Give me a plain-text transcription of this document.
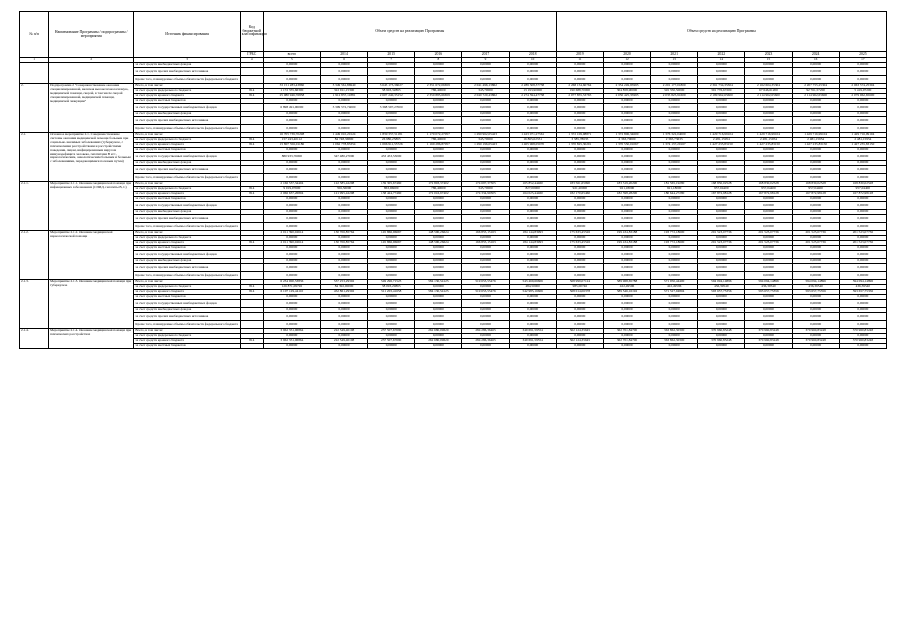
№ п/п	Наименование Программы / подпрограммы / мероприятия	Источник финансирования	Код бюджетной классификации	Объем средств на реализацию Программы						Объем средств на реализацию Программы						
			ГРБС	всего	2014	2015	2016	2017	2018	2019	2020	2021	2022	2023	2024	2025
1	2	3	4	5	6	7	8	9	10	11	12	13	14	15	16	17
		за счет средств внебюджетных фондов		0,00000	0,00000	0,00000	0,00000	0,00000	0,00000	0,00000	0,00000	0,00000	0,00000	0,00000	0,00000	0,00000
		за счет средств прочих внебюджетных источников		0,00000	0,00000	0,00000	0,00000	0,00000	0,00000	0,00000	0,00000	0,00000	0,00000	0,00000	0,00000	0,00000
		Кроме того, планируемые объемы обязательств федерального бюджета		0,00000	0,00000	0,00000	0,00000	0,00000	0,00000	0,00000	0,00000	0,00000	0,00000	0,00000	0,00000	0,00000
2.	Подпрограмма 2 "Совершенствование оказания специализированной, включая высокотехнологичную, медицинской помощи, скорой, в том числе скорой специализированной, медицинской помощи, медицинской эвакуации"	Всего, в том числе:		33 151 283,43860	3 349 561,86940	3 645 173,36027	2 351 672,06659	2 041 496,13862	2 289 308,37738	2 268 154,60764	2 354 249,95993	2 201 177,01800	2 361 734,35304	2 162 604,35304	2 207 755,25304	2 063 574,25304
		за счет средств федерального бюджета	814	1 172 355,66300	322 911,15300	38 903,32865	786,40000	345,70000	13 193,90000	190 688,70000	304 858,90000	345 350,50000	391 776,67200	67 646,61200	92 761,57200	5 419,07200
		за счет средств краевого бюджета	814	25 080 946,76858	1 912 857,11881	2 607 240,35152	2 350 885,66659	2 040 720,43862	2 274 594,47738	2 077 855,53765	2 050 425,35993	2 035 825,91600	2 189 962,65600	2 114 962,65600	2 114 962,65600	2 079 962,65600
		за счет средств местных бюджетов		0,00000	0,00000	0,00000	0,00000	0,00000	0,00000	0,00000	0,00000	0,00000	0,00000	0,00000	0,00000	0,00000
		за счет средств государственных внебюджетных фондов		6 898 491,00000	3 399 572,74000	3 368 597,27000	0,00000	0,00000	0,00000	0,00000	0,00000	0,00000	0,00000	0,00000	0,00000	0,00000
		за счет средств внебюджетных фондов		0,00000	0,00000	0,00000	0,00000	0,00000	0,00000	0,00000	0,00000	0,00000	0,00000	0,00000	0,00000	0,00000
		за счет средств прочих внебюджетных источников		0,00000	0,00000	0,00000	0,00000	0,00000	0,00000	0,00000	0,00000	0,00000	0,00000	0,00000	0,00000	0,00000
		Кроме того, планируемые объемы обязательств федерального бюджета		0,00000	0,00000	0,00000	0,00000	0,00000	0,00000	0,00000	0,00000	0,00000	0,00000	0,00000	0,00000	0,00000
2.1.	Основное мероприятие 2.1. Совершенствование системы оказания медицинской помощи больным при социально-значимых заболеваниях (туберкулезе, с психическими расстройствами и расстройствами поведения, лицам, инфицированным вирусом иммунодефицита человека, гепатитами B и C, наркологическим, онкологическим больным и больным с заболеваниями, передающимися половым путем)	Всего, в том числе:		16 705 739,70298	1 449 010,20124	1 839 357,51181	1 170 072,27057	1 290 962,05423	1 423 071,27561	1 372 109,98871	1 372 806,34600	1 376 322,04000	1 429 716,99104	1 429 716,99104	1 429 716,99104	1 429 716,99104
		за счет средств федерального бюджета	814	157 243,40112	84 748,36800	26 980,25865	786,40000	345,70000	16 865,02331	3 385,78635	2 363,70000	2 365,73635	2 481,15954	2 481,15954	2 481,15954	2 481,15954
		за счет средств краевого бюджета	814	15 807 556,01186	1 062 778,83354	1 096 911,55726	1 169 286,87057	1 290 196,05423	1 405 968,05070	1 370 825,30291	1 370 550,01067	1 374 137,20167	1 427 235,83150	1 427 235,83150	1 427 235,83150	1 427 235,83150
		за счет средств местных бюджетов		0,00000	0,00000	0,00000	0,00000	0,00000	0,00000	0,00000	0,00000	0,00000	0,00000	0,00000	0,00000	0,00000
		за счет средств государственных внебюджетных фондов		880 933,76000	347 480,27000	433 453,53000	0,00000	0,00000	0,00000	0,00000	0,00000	0,00000	0,00000	0,00000	0,00000	0,00000
		за счет средств внебюджетных фондов		0,00000	0,00000	0,00000	0,00000	0,00000	0,00000	0,00000	0,00000	0,00000	0,00000	0,00000	0,00000	0,00000
		за счет средств прочих внебюджетных источников		0,00000	0,00000	0,00000	0,00000	0,00000	0,00000	0,00000	0,00000	0,00000	0,00000	0,00000	0,00000	0,00000
		Кроме того, планируемые объемы обязательств федерального бюджета		0,00000	0,00000	0,00000	0,00000	0,00000	0,00000	0,00000	0,00000	0,00000	0,00000	0,00000	0,00000	0,00000
2.1.1.	Мероприятие 2.1.1. Оказание медицинской помощи при инфекционных заболеваниях (СПИД, гепатиты B, C)	Всего, в том числе:		2 166 537,34404	122 385,42298	139 305,67460	172 803,37402	174 697,37305	165 852,44460	183 561,65990	183 319,20290	181 565,19280	168 830,02528	168 830,02528	168 830,02528	168 830,02528
		за счет средств федерального бюджета	814	9 019,07600	356,36000	863,96600	786,40000	345,70000	827,00000	921,20000	921,18000	921,18000	957,04400	957,04400	957,04400	957,04400
		за счет средств краевого бюджета	814	2 066 637,26804	121 995,42298	138 424,77460	172 016,97402	174 334,90305	164 025,44460	182 170,65460	182 398,28290	180 644,27280	167 872,98128	167 872,98128	167 872,98128	167 872,98128
		за счет средств местных бюджетов		0,00000	0,00000	0,00000	0,00000	0,00000	0,00000	0,00000	0,00000	0,00000	0,00000	0,00000	0,00000	0,00000
		за счет средств государственных внебюджетных фондов		0,00000	0,00000	0,00000	0,00000	0,00000	0,00000	0,00000	0,00000	0,00000	0,00000	0,00000	0,00000	0,00000
		за счет средств внебюджетных фондов		0,00000	0,00000	0,00000	0,00000	0,00000	0,00000	0,00000	0,00000	0,00000	0,00000	0,00000	0,00000	0,00000
		за счет средств прочих внебюджетных источников		0,00000	0,00000	0,00000	0,00000	0,00000	0,00000	0,00000	0,00000	0,00000	0,00000	0,00000	0,00000	0,00000
		Кроме того, планируемые объемы обязательств федерального бюджета		0,00000	0,00000	0,00000	0,00000	0,00000	0,00000	0,00000	0,00000	0,00000	0,00000	0,00000	0,00000	0,00000
2.1.2.	Мероприятие 2.1.2. Оказание медицинской наркологической помощи	Всего, в том числе:		2 011 390,02614	130 706,85764	145 866,96667	148 590,26624	166 855,15163	184 144,83993	175 633,45526	199 434,83188	193 772,18600	201 523,07736	201 523,07736	201 523,07736	201 523,07736
		за счет средств федерального бюджета		0,00000	0,00000	0,00000	0,00000	0,00000	0,00000	0,00000	0,00000	0,00000	0,00000	0,00000	0,00000	0,00000
		за счет средств краевого бюджета	814	2 011 390,02614	130 706,85764	145 866,96667	148 590,26624	166 855,15163	184 144,83993	175 633,45526	199 434,83188	193 772,18600	201 523,07736	201 523,07736	201 523,07736	201 523,07736
		за счет средств местных бюджетов		0,00000	0,00000	0,00000	0,00000	0,00000	0,00000	0,00000	0,00000	0,00000	0,00000	0,00000	0,00000	0,00000
		за счет средств государственных внебюджетных фондов		0,00000	0,00000	0,00000	0,00000	0,00000	0,00000	0,00000	0,00000	0,00000	0,00000	0,00000	0,00000	0,00000
		за счет средств внебюджетных фондов		0,00000	0,00000	0,00000	0,00000	0,00000	0,00000	0,00000	0,00000	0,00000	0,00000	0,00000	0,00000	0,00000
		за счет средств прочих внебюджетных источников		0,00000	0,00000	0,00000	0,00000	0,00000	0,00000	0,00000	0,00000	0,00000	0,00000	0,00000	0,00000	0,00000
		Кроме того, планируемые объемы обязательств федерального бюджета		0,00000	0,00000	0,00000	0,00000	0,00000	0,00000	0,00000	0,00000	0,00000	0,00000	0,00000	0,00000	0,00000
2.1.3.	Мероприятие 2.1.3. Оказание медицинской помощи при туберкулезе	Всего, в том числе:		6 234 000,53836	537 253,29302	549 296,71523	584 130,54125	519 653,55476	543 469,66606	568 999,07124	589 968,65788	571 950,44400	594 094,14896	594 094,14896	594 094,14896	594 094,14896
		за счет средств федерального бюджета	814	126 871,09726	84 392,00000	38 093,29865	0,00000	0,00000	484,50000	985,00746	422,49596	422,49596	436,39540	436,39540	436,39540	436,39540
		за счет средств краевого бюджета	814	6 107 129,44110	452 861,29302	511 203,41658	584 130,54125	519 653,55476	542 985,16606	568 014,06378	589 546,16192	571 527,94804	593 657,75356	593 657,75356	593 657,75356	593 657,75356
		за счет средств местных бюджетов		0,00000	0,00000	0,00000	0,00000	0,00000	0,00000	0,00000	0,00000	0,00000	0,00000	0,00000	0,00000	0,00000
		за счет средств государственных внебюджетных фондов		0,00000	0,00000	0,00000	0,00000	0,00000	0,00000	0,00000	0,00000	0,00000	0,00000	0,00000	0,00000	0,00000
		за счет средств внебюджетных фондов		0,00000	0,00000	0,00000	0,00000	0,00000	0,00000	0,00000	0,00000	0,00000	0,00000	0,00000	0,00000	0,00000
		за счет средств прочих внебюджетных источников		0,00000	0,00000	0,00000	0,00000	0,00000	0,00000	0,00000	0,00000	0,00000	0,00000	0,00000	0,00000	0,00000
		Кроме того, планируемые объемы обязательств федерального бюджета		0,00000	0,00000	0,00000	0,00000	0,00000	0,00000	0,00000	0,00000	0,00000	0,00000	0,00000	0,00000	0,00000
2.1.4.	Мероприятие 2.1.4. Оказание медицинской помощи при психических расстройствах	Всего, в том числе:		3 962 351,06864	222 549,40108	237 507,67690	262 680,09620	284 286,36465	349 691,59554	362 124,35645	362 701,84700	363 862,30300	370 960,83248	370 960,83248	370 960,83248	370 960,83248
		за счет средств федерального бюджета		0,00000	0,00000	0,00000	0,00000	0,00000	0,00000	0,00000	0,00000	0,00000	0,00000	0,00000	0,00000	0,00000
		за счет средств краевого бюджета	814	3 962 351,06864	222 549,40108	237 507,67690	262 680,09620	284 286,36465	349 691,59554	362 124,35645	362 701,84700	363 862,30300	370 960,83248	370 960,83248	370 960,83248	370 960,83248
		за счет средств местных бюджетов		0,00000	0,00000	0,00000	0,00000	0,00000	0,00000	0,00000	0,00000	0,00000	0,00000	0,00000	0,00000	0,00000
